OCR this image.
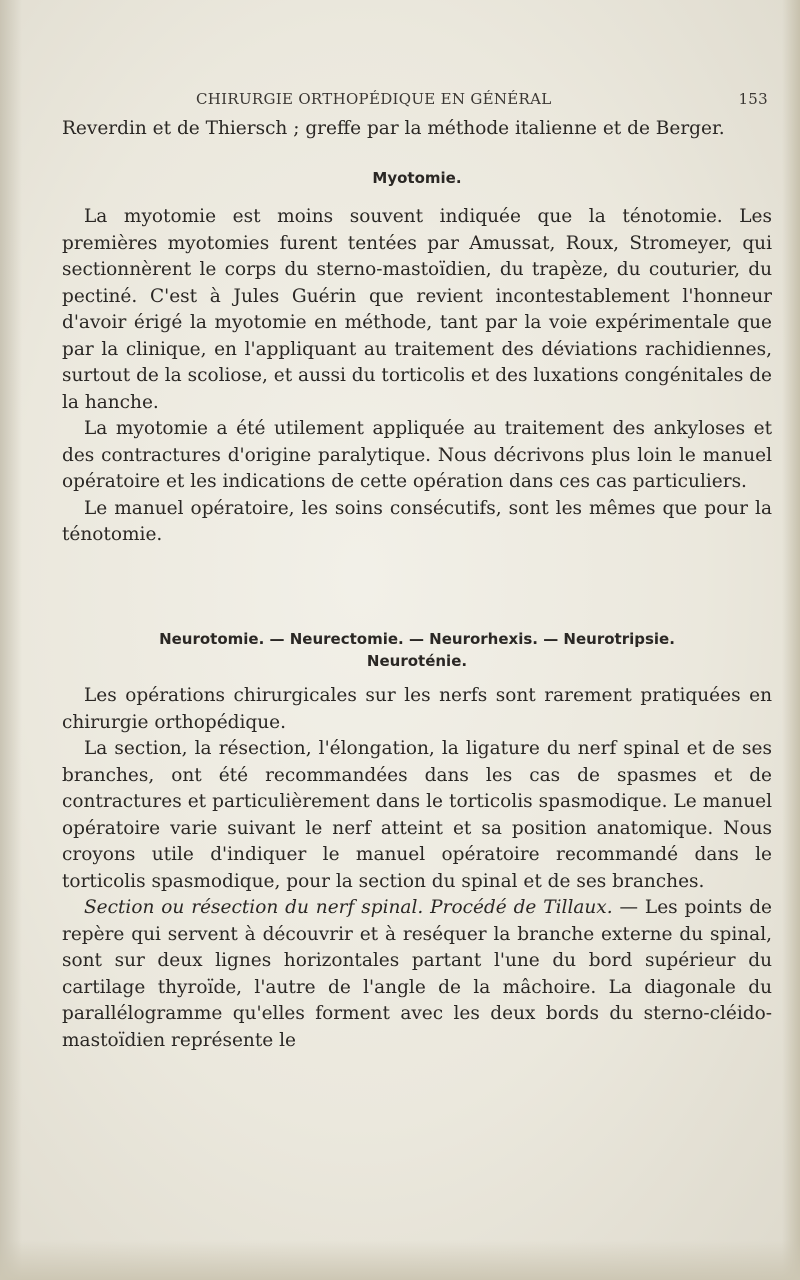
CHIRURGIE ORTHOPÉDIQUE EN GÉNÉRAL	153

Reverdin et de Thiersch ; greffe par la méthode italienne et de Berger.

Myotomie.

La myotomie est moins souvent indiquée que la ténotomie. Les premières myotomies furent tentées par Amussat, Roux, Stromeyer, qui sectionnèrent le corps du sterno-mastoïdien, du trapèze, du couturier, du pectiné. C'est à Jules Guérin que revient incontestablement l'honneur d'avoir érigé la myotomie en méthode, tant par la voie expérimentale que par la clinique, en l'appliquant au traitement des déviations rachidiennes, surtout de la scoliose, et aussi du torticolis et des luxations congénitales de la hanche.

La myotomie a été utilement appliquée au traitement des ankyloses et des contractures d'origine paralytique. Nous décrivons plus loin le manuel opératoire et les indications de cette opération dans ces cas particuliers.

Le manuel opératoire, les soins consécutifs, sont les mêmes que pour la ténotomie.

Neurotomie. — Neurectomie. — Neurorhexis. — Neurotripsie.
Neuroténie.

Les opérations chirurgicales sur les nerfs sont rarement pratiquées en chirurgie orthopédique.

La section, la résection, l'élongation, la ligature du nerf spinal et de ses branches, ont été recommandées dans les cas de spasmes et de contractures et particulièrement dans le torticolis spasmodique. Le manuel opératoire varie suivant le nerf atteint et sa position anatomique. Nous croyons utile d'indiquer le manuel opératoire recommandé dans le torticolis spasmodique, pour la section du spinal et de ses branches.

Section ou résection du nerf spinal. Procédé de Tillaux. — Les points de repère qui servent à découvrir et à reséquer la branche externe du spinal, sont sur deux lignes horizontales partant l'une du bord supérieur du cartilage thyroïde, l'autre de l'angle de la mâchoire. La diagonale du parallélogramme qu'elles forment avec les deux bords du sterno-cléido-mastoïdien représente le
